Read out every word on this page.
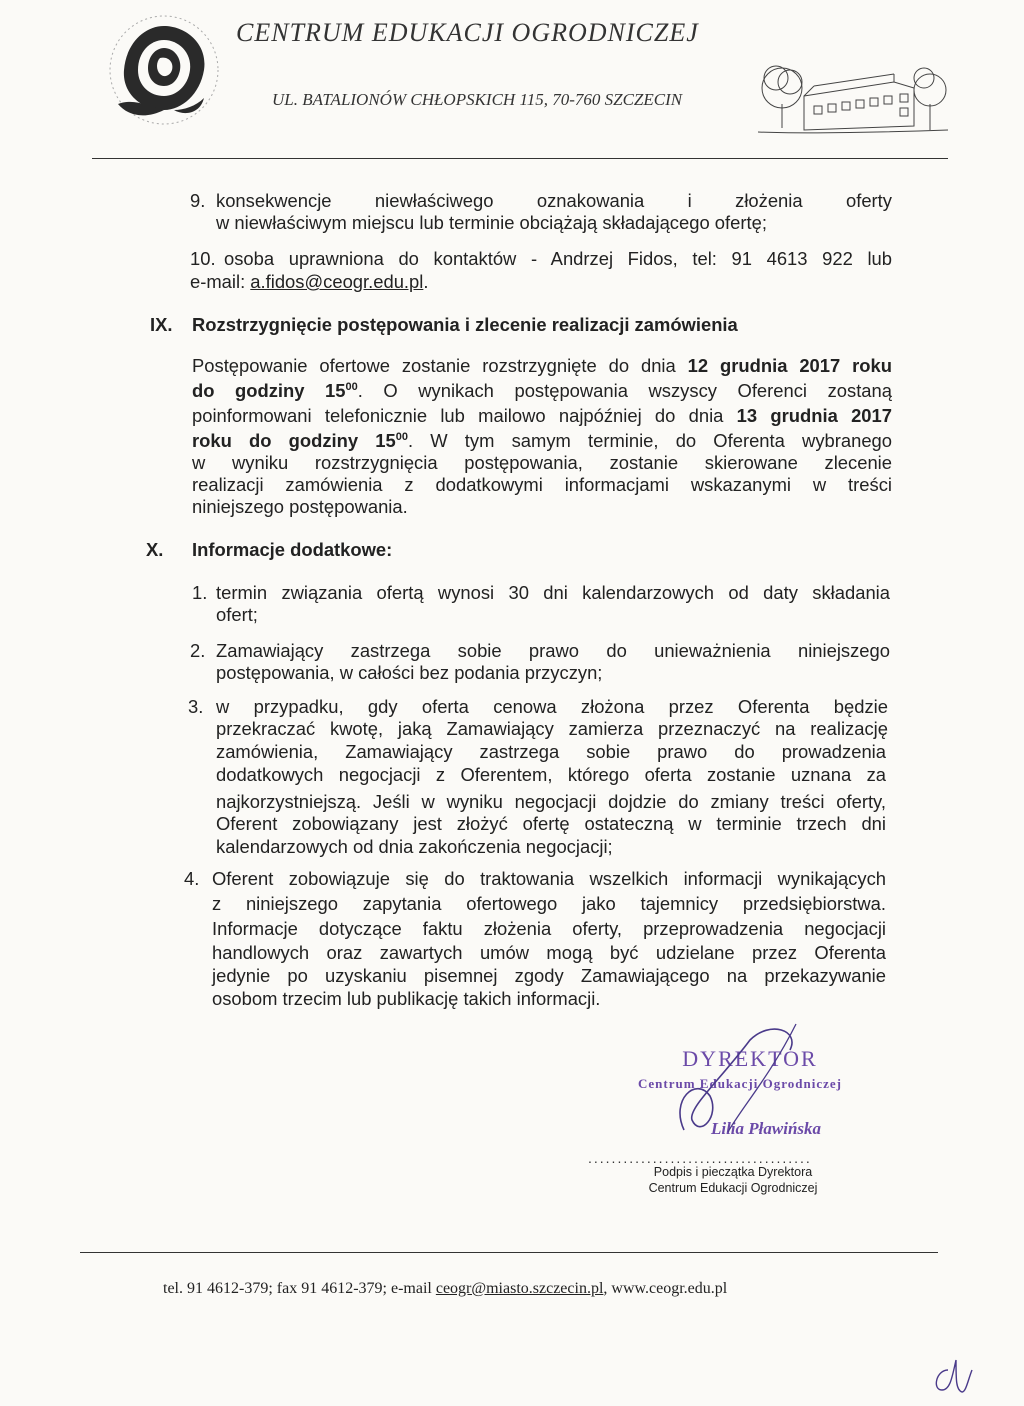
CENTRUM EDUKACJI OGRODNICZEJ
UL. BATALIONÓW CHŁOPSKICH 115, 70-760 SZCZECIN
9. konsekwencje niewłaściwego oznakowania i złożenia oferty
w niewłaściwym miejscu lub terminie obciążają składającego ofertę;
10. osoba uprawniona do kontaktów - Andrzej Fidos, tel: 91 4613 922 lub
e-mail: a.fidos@ceogr.edu.pl.
IX. Rozstrzygnięcie postępowania i zlecenie realizacji zamówienia
Postępowanie ofertowe zostanie rozstrzygnięte do dnia 12 grudnia 2017 roku
do godziny $15^{00}$. O wynikach postępowania wszyscy Oferenci zostaną
poinformowani telefonicznie lub mailowo najpóźniej do dnia 13 grudnia 2017
roku do godziny $15^{00}$. W tym samym terminie, do Oferenta wybranego
w wyniku rozstrzygnięcia postępowania, zostanie skierowane zlecenie
realizacji zamówienia z dodatkowymi informacjami wskazanymi w treści
niniejszego postępowania.
X. Informacje dodatkowe:
1. termin związania ofertą wynosi 30 dni kalendarzowych od daty składania
ofert;
2. Zamawiający zastrzega sobie prawo do unieważnienia niniejszego
postępowania, w całości bez podania przyczyn;
3. w przypadku, gdy oferta cenowa złożona przez Oferenta będzie
przekraczać kwotę, jaką Zamawiający zamierza przeznaczyć na realizację
zamówienia, Zamawiający zastrzega sobie prawo do prowadzenia
dodatkowych negocjacji z Oferentem, którego oferta zostanie uznana za
najkorzystniejszą. Jeśli w wyniku negocjacji dojdzie do zmiany treści oferty,
Oferent zobowiązany jest złożyć ofertę ostateczną w terminie trzech dni
kalendarzowych od dnia zakończenia negocjacji;
4. Oferent zobowiązuje się do traktowania wszelkich informacji wynikających
z niniejszego zapytania ofertowego jako tajemnicy przedsiębiorstwa.
Informacje dotyczące faktu złożenia oferty, przeprowadzenia negocjacji
handlowych oraz zawartych umów mogą być udzielane przez Oferenta
jedynie po uzyskaniu pisemnej zgody Zamawiającego na przekazywanie
osobom trzecim lub publikację takich informacji.
DYREKTOR
Centrum Edukacji Ogrodniczej
Lilia Pławińska
......................................
Podpis i pieczątka Dyrektora
Centrum Edukacji Ogrodniczej
tel. 91 4612-379; fax 91 4612-379; e-mail ceogr@miasto.szczecin.pl, www.ceogr.edu.pl
